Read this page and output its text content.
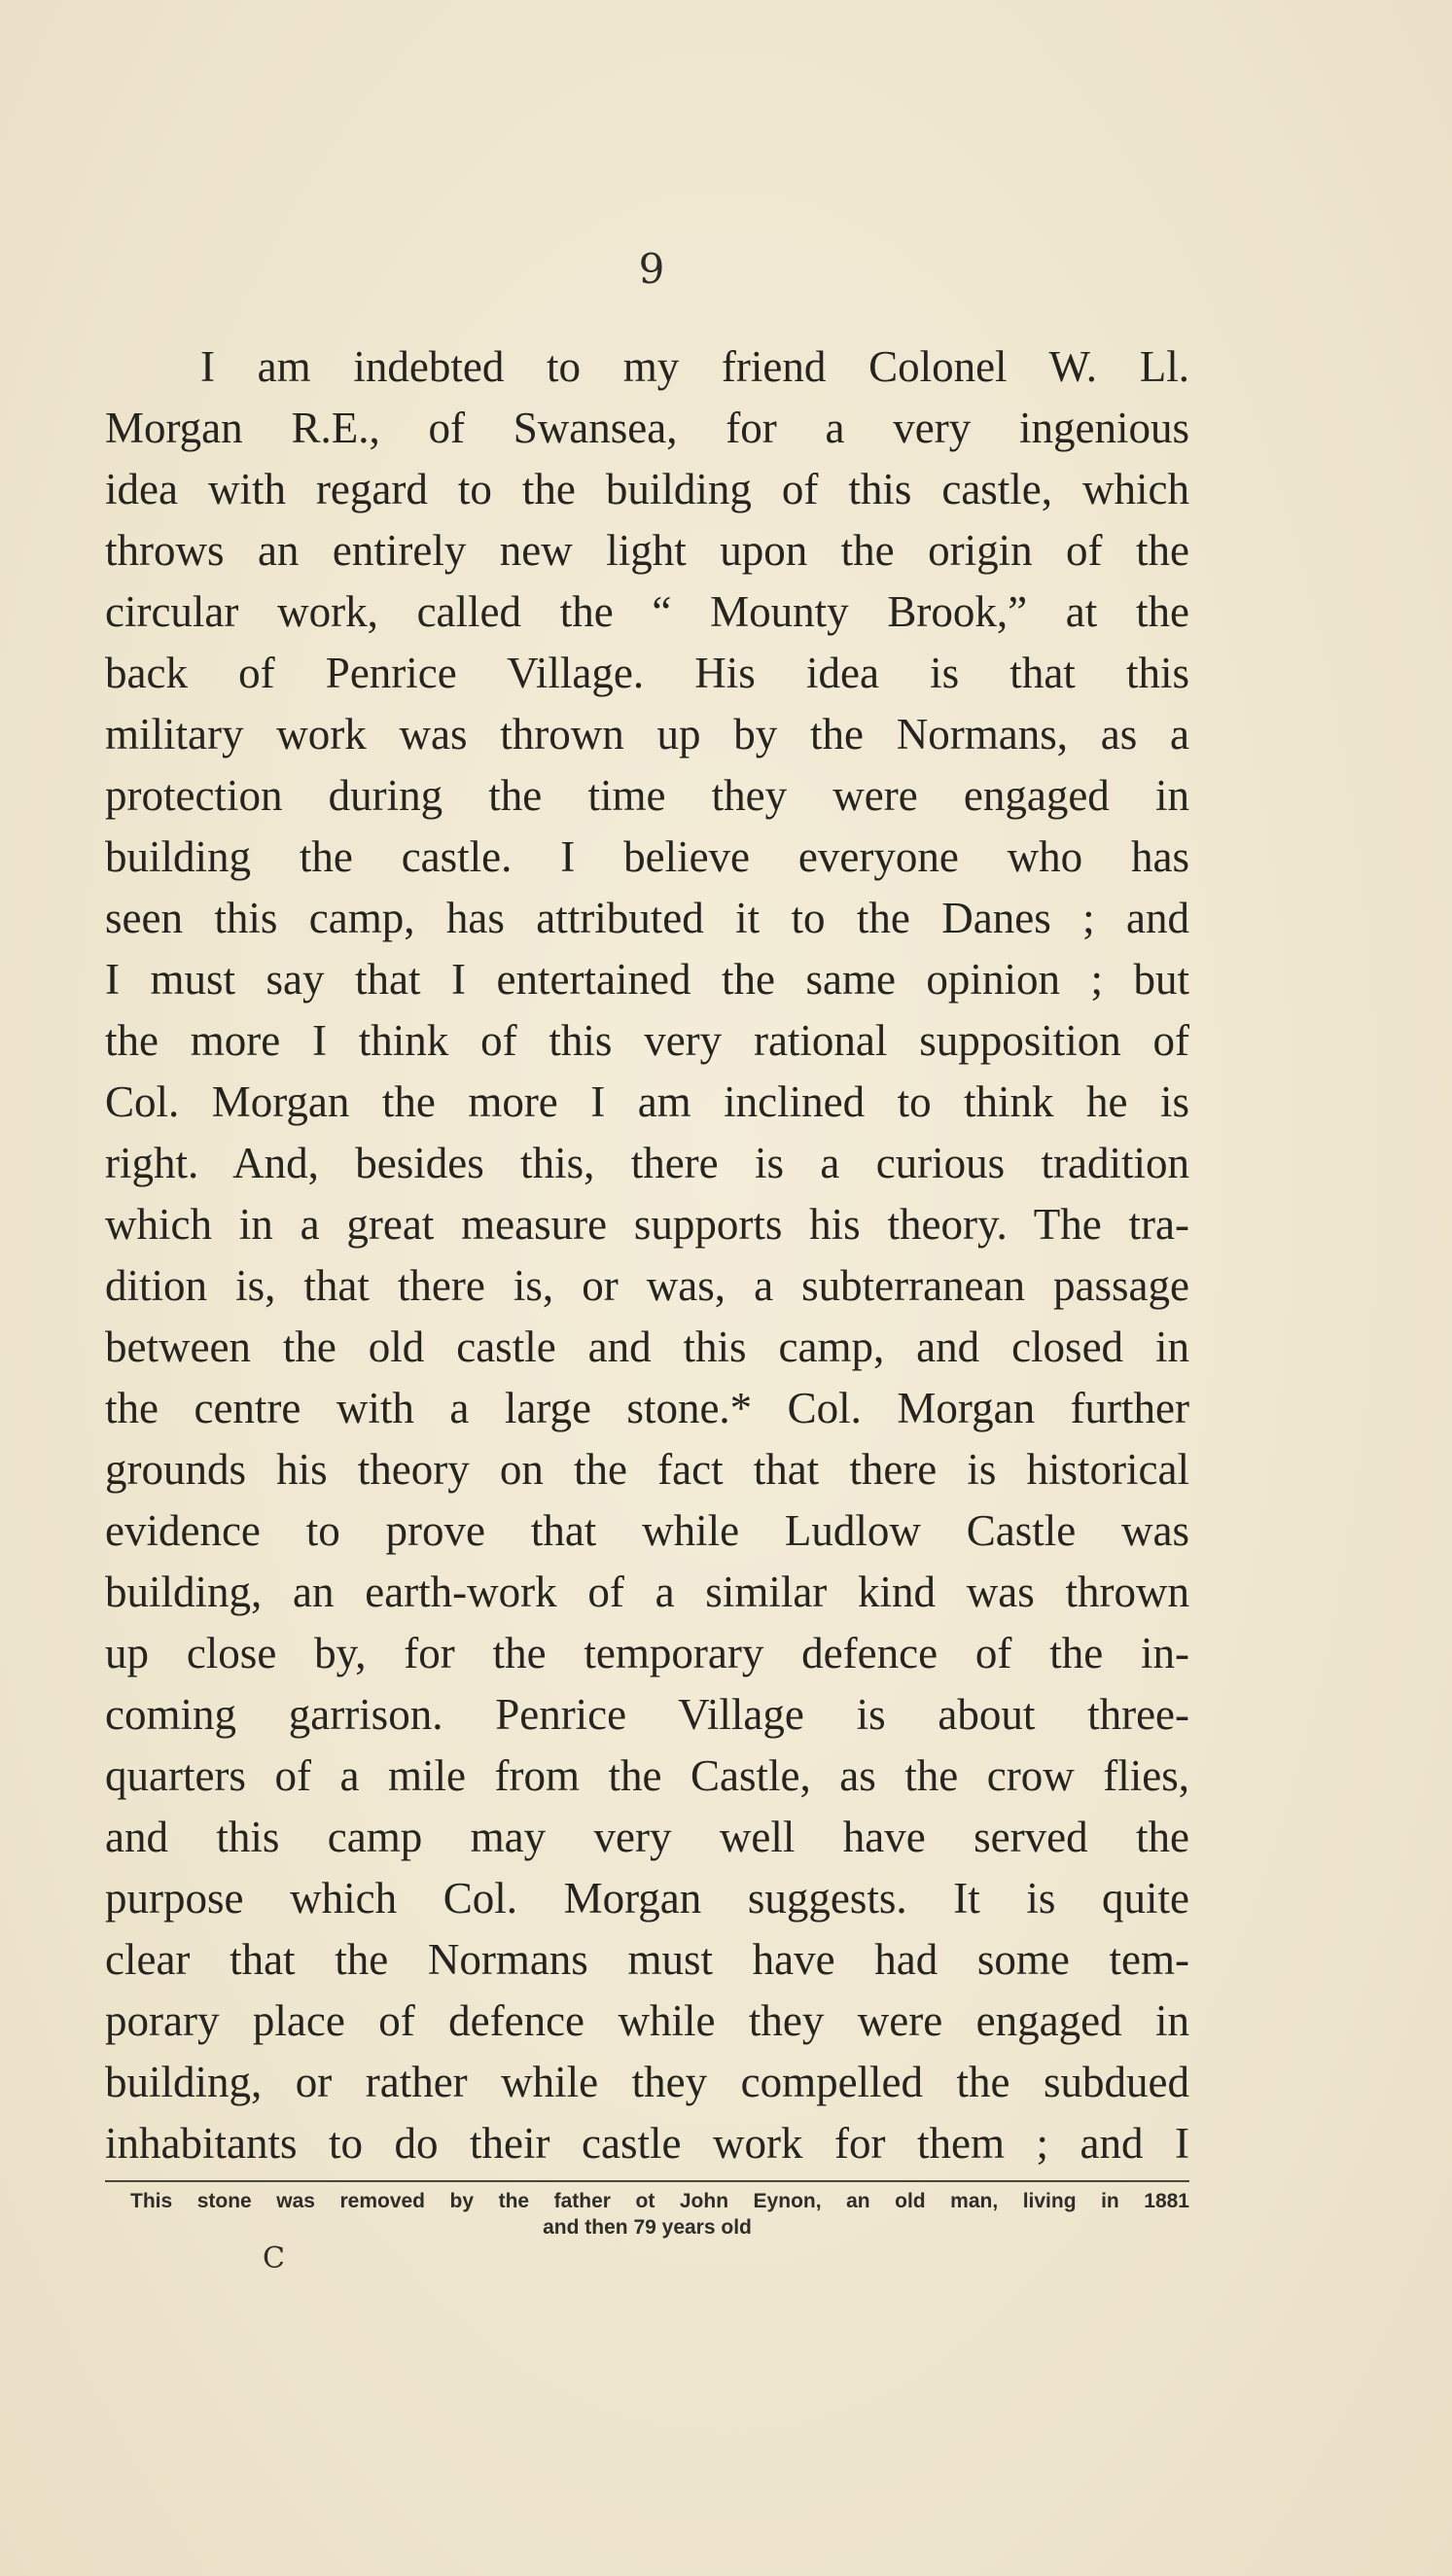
9
I am indebted to my friend Colonel W. Ll.
Morgan R.E., of Swansea, for a very ingenious
idea with regard to the building of this castle, which
throws an entirely new light upon the origin of the
circular work, called the “ Mounty Brook,” at the
back of Penrice Village. His idea is that this
military work was thrown up by the Normans, as a
protection during the time they were engaged in
building the castle. I believe everyone who has
seen this camp, has attributed it to the Danes ; and
I must say that I entertained the same opinion ; but
the more I think of this very rational supposition of
Col. Morgan the more I am inclined to think he is
right. And, besides this, there is a curious tradition
which in a great measure supports his theory. The tra-
dition is, that there is, or was, a subterranean passage
between the old castle and this camp, and closed in
the centre with a large stone.* Col. Morgan further
grounds his theory on the fact that there is historical
evidence to prove that while Ludlow Castle was
building, an earth-work of a similar kind was thrown
up close by, for the temporary defence of the in-
coming garrison. Penrice Village is about three-
quarters of a mile from the Castle, as the crow flies,
and this camp may very well have served the
purpose which Col. Morgan suggests. It is quite
clear that the Normans must have had some tem-
porary place of defence while they were engaged in
building, or rather while they compelled the subdued
inhabitants to do their castle work for them ; and I
This stone was removed by the father ot John Eynon, an old man, living in 1881
and then 79 years old
C
